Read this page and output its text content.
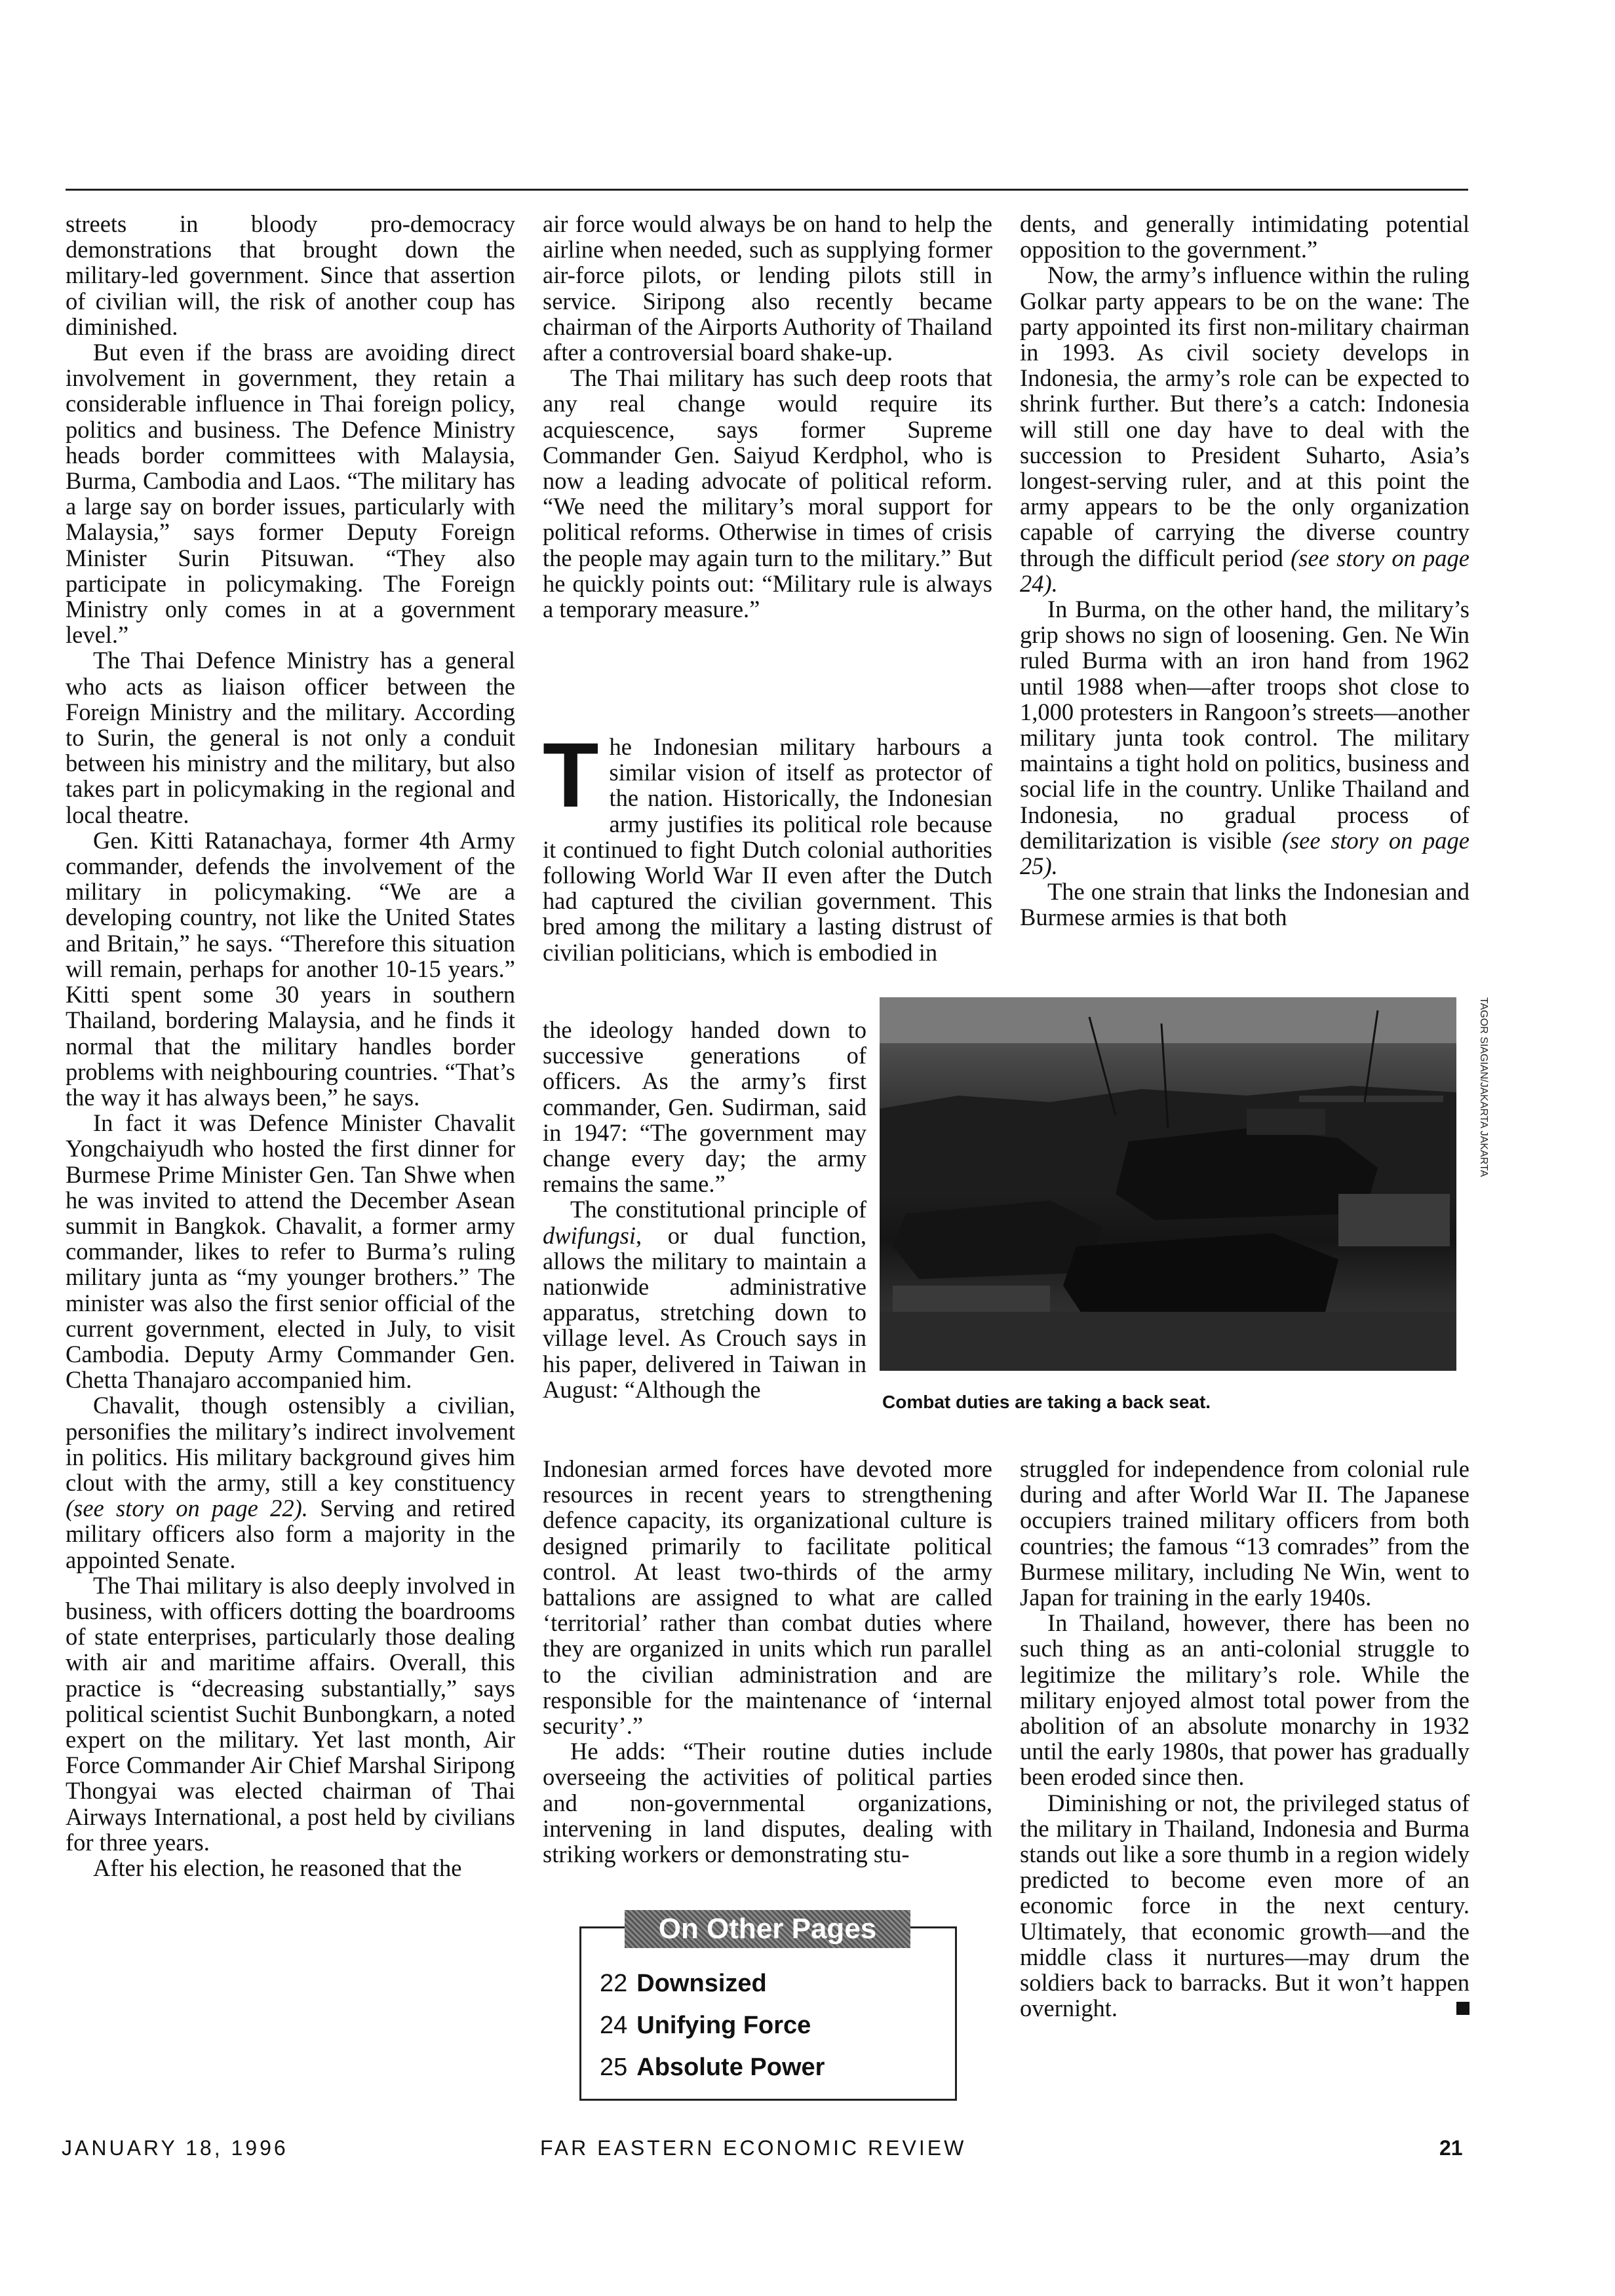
streets in bloody pro-democracy demonstrations that brought down the military-led government. Since that assertion of civilian will, the risk of another coup has diminished.

But even if the brass are avoiding direct involvement in government, they retain a considerable influence in Thai foreign policy, politics and business. The Defence Ministry heads border committees with Malaysia, Burma, Cambodia and Laos. “The military has a large say on border issues, particularly with Malaysia,” says former Deputy Foreign Minister Surin Pitsuwan. “They also participate in policymaking. The Foreign Ministry only comes in at a government level.”

The Thai Defence Ministry has a general who acts as liaison officer between the Foreign Ministry and the military. According to Surin, the general is not only a conduit between his ministry and the military, but also takes part in policymaking in the regional and local theatre.

Gen. Kitti Ratanachaya, former 4th Army commander, defends the involvement of the military in policymaking. “We are a developing country, not like the United States and Britain,” he says. “Therefore this situation will remain, perhaps for another 10-15 years.” Kitti spent some 30 years in southern Thailand, bordering Malaysia, and he finds it normal that the military handles border problems with neighbouring countries. “That’s the way it has always been,” he says.

In fact it was Defence Minister Chavalit Yongchaiyudh who hosted the first dinner for Burmese Prime Minister Gen. Tan Shwe when he was invited to attend the December Asean summit in Bangkok. Chavalit, a former army commander, likes to refer to Burma’s ruling military junta as “my younger brothers.” The minister was also the first senior official of the current government, elected in July, to visit Cambodia. Deputy Army Commander Gen. Chetta Thanajaro accompanied him.

Chavalit, though ostensibly a civilian, personifies the military’s indirect involvement in politics. His military background gives him clout with the army, still a key constituency (see story on page 22). Serving and retired military officers also form a majority in the appointed Senate.

The Thai military is also deeply involved in business, with officers dotting the boardrooms of state enterprises, particularly those dealing with air and maritime affairs. Overall, this practice is “decreasing substantially,” says political scientist Suchit Bunbongkarn, a noted expert on the military. Yet last month, Air Force Commander Air Chief Marshal Siripong Thongyai was elected chairman of Thai Airways International, a post held by civilians for three years.

After his election, he reasoned that the

air force would always be on hand to help the airline when needed, such as supplying former air-force pilots, or lending pilots still in service. Siripong also recently became chairman of the Airports Authority of Thailand after a controversial board shake-up.

The Thai military has such deep roots that any real change would require its acquiescence, says former Supreme Commander Gen. Saiyud Kerdphol, who is now a leading advocate of political reform. “We need the military’s moral support for political reforms. Otherwise in times of crisis the people may again turn to the military.” But he quickly points out: “Military rule is always a temporary measure.”

The Indonesian military harbours a similar vision of itself as protector of the nation. Historically, the Indonesian army justifies its political role because it continued to fight Dutch colonial authorities following World War II even after the Dutch had captured the civilian government. This bred among the military a lasting distrust of civilian politicians, which is embodied in

the ideology handed down to successive generations of officers. As the army’s first commander, Gen. Sudirman, said in 1947: “The government may change every day; the army remains the same.”

The constitutional principle of dwifungsi, or dual function, allows the military to maintain a nationwide administrative apparatus, stretching down to village level. As Crouch says in his paper, delivered in Taiwan in August: “Although the

Indonesian armed forces have devoted more resources in recent years to strengthening defence capacity, its organizational culture is designed primarily to facilitate political control. At least two-thirds of the army battalions are assigned to what are called ‘territorial’ rather than combat duties where they are organized in units which run parallel to the civilian administration and are responsible for the maintenance of ‘internal security’.”

He adds: “Their routine duties include overseeing the activities of political parties and non-governmental organizations, intervening in land disputes, dealing with striking workers or demonstrating stu-

dents, and generally intimidating potential opposition to the government.”

Now, the army’s influence within the ruling Golkar party appears to be on the wane: The party appointed its first non-military chairman in 1993. As civil society develops in Indonesia, the army’s role can be expected to shrink further. But there’s a catch: Indonesia will still one day have to deal with the succession to President Suharto, Asia’s longest-serving ruler, and at this point the army appears to be the only organization capable of carrying the diverse country through the difficult period (see story on page 24).

In Burma, on the other hand, the military’s grip shows no sign of loosening. Gen. Ne Win ruled Burma with an iron hand from 1962 until 1988 when—after troops shot close to 1,000 protesters in Rangoon’s streets—another military junta took control. The military maintains a tight hold on politics, business and social life in the country. Unlike Thailand and Indonesia, no gradual process of demilitarization is visible (see story on page 25).

The one strain that links the Indonesian and Burmese armies is that both

TAGOR SIAGIAN/JAKARTA JAKARTA
Combat duties are taking a back seat.

struggled for independence from colonial rule during and after World War II. The Japanese occupiers trained military officers from both countries; the famous “13 comrades” from the Burmese military, including Ne Win, went to Japan for training in the early 1940s.

In Thailand, however, there has been no such thing as an anti-colonial struggle to legitimize the military’s role. While the military enjoyed almost total power from the abolition of an absolute monarchy in 1932 until the early 1980s, that power has gradually been eroded since then.

Diminishing or not, the privileged status of the military in Thailand, Indonesia and Burma stands out like a sore thumb in a region widely predicted to become even more of an economic force in the next century. Ultimately, that economic growth—and the middle class it nurtures—may drum the soldiers back to barracks. But it won’t happen overnight.

On Other Pages
22 Downsized
24 Unifying Force
25 Absolute Power
JANUARY 18, 1996	FAR EASTERN ECONOMIC REVIEW	21
